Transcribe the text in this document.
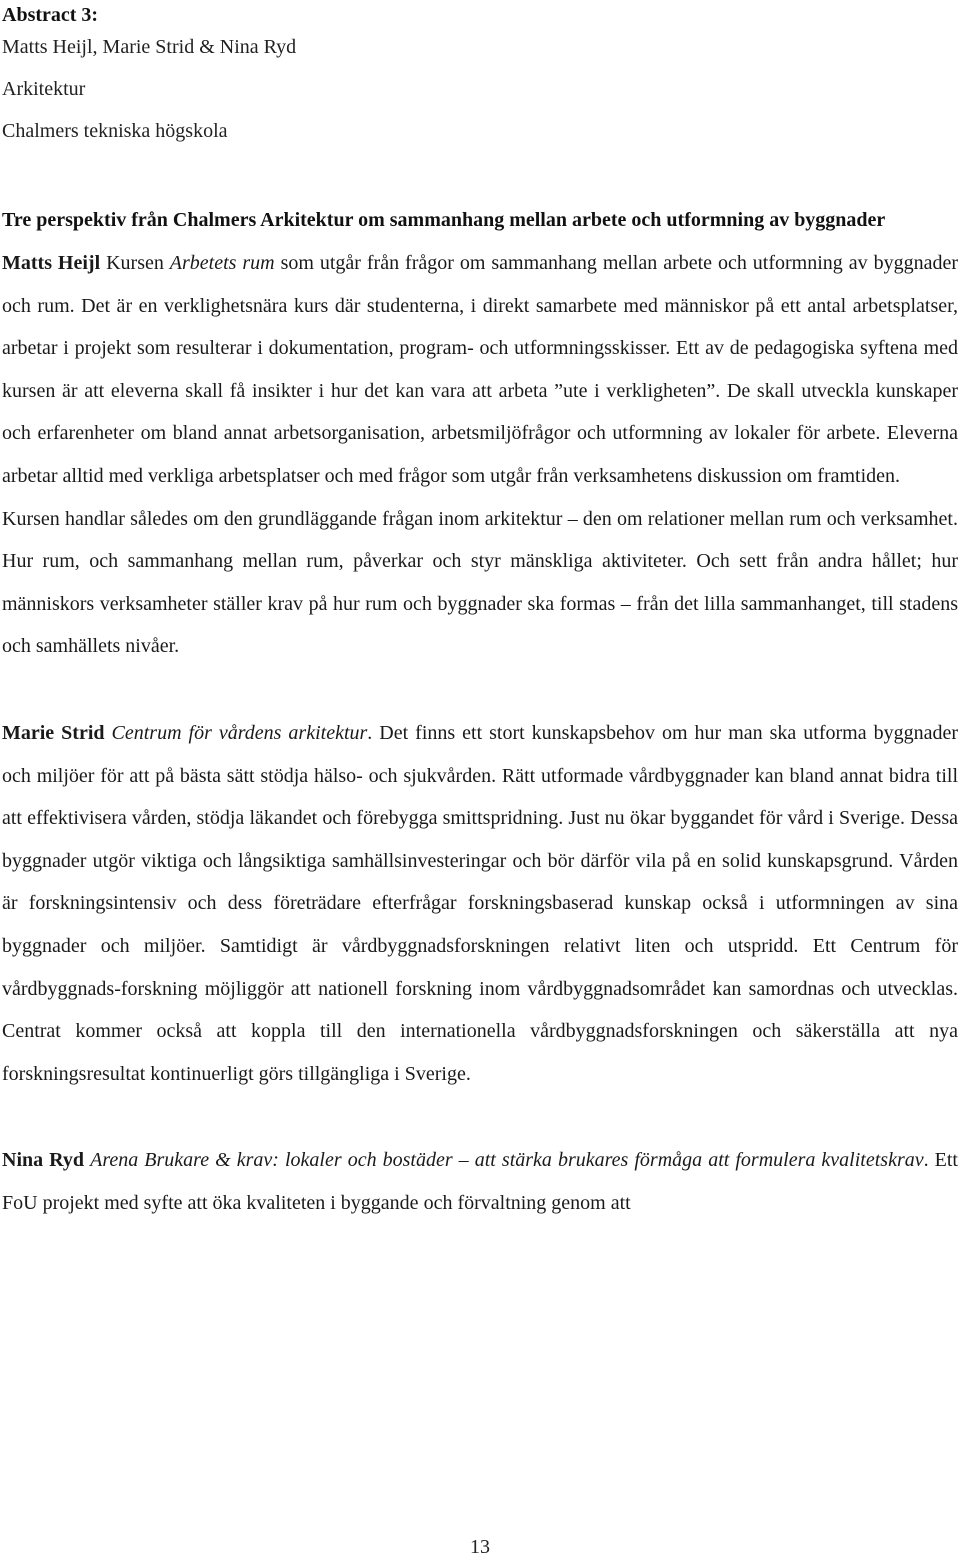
Abstract 3:

Matts Heijl, Marie Strid & Nina Ryd

Arkitektur

Chalmers tekniska högskola

Tre perspektiv från Chalmers Arkitektur om sammanhang mellan arbete och utformning av byggnader

Matts Heijl Kursen Arbetets rum som utgår från frågor om sammanhang mellan arbete och utformning av byggnader och rum. Det är en verklighetsnära kurs där studenterna, i direkt samarbete med människor på ett antal arbetsplatser, arbetar i projekt som resulterar i dokumentation, program- och utformningsskisser. Ett av de pedagogiska syftena med kursen är att eleverna skall få insikter i hur det kan vara att arbeta ”ute i verkligheten”. De skall utveckla kunskaper och erfarenheter om bland annat arbetsorganisation, arbetsmiljöfrågor och utformning av lokaler för arbete. Eleverna arbetar alltid med verkliga arbetsplatser och med frågor som utgår från verksamhetens diskussion om framtiden.

Kursen handlar således om den grundläggande frågan inom arkitektur – den om relationer mellan rum och verksamhet. Hur rum, och sammanhang mellan rum, påverkar och styr mänskliga aktiviteter. Och sett från andra hållet; hur människors verksamheter ställer krav på hur rum och byggnader ska formas – från det lilla sammanhanget, till stadens och samhällets nivåer.

Marie Strid Centrum för vårdens arkitektur. Det finns ett stort kunskapsbehov om hur man ska utforma byggnader och miljöer för att på bästa sätt stödja hälso- och sjukvården. Rätt utformade vårdbyggnader kan bland annat bidra till att effektivisera vården, stödja läkandet och förebygga smittspridning. Just nu ökar byggandet för vård i Sverige. Dessa byggnader utgör viktiga och långsiktiga samhällsinvesteringar och bör därför vila på en solid kunskapsgrund. Vården är forskningsintensiv och dess företrädare efterfrågar forskningsbaserad kunskap också i utformningen av sina byggnader och miljöer. Samtidigt är vårdbyggnadsforskningen relativt liten och utspridd. Ett Centrum för vårdbyggnads-forskning möjliggör att nationell forskning inom vårdbyggnadsområdet kan samordnas och utvecklas. Centrat kommer också att koppla till den internationella vårdbyggnadsforskningen och säkerställa att nya forskningsresultat kontinuerligt görs tillgängliga i Sverige.

Nina Ryd Arena Brukare & krav: lokaler och bostäder – att stärka brukares förmåga att formulera kvalitetskrav. Ett FoU projekt med syfte att öka kvaliteten i byggande och förvaltning genom att

13
